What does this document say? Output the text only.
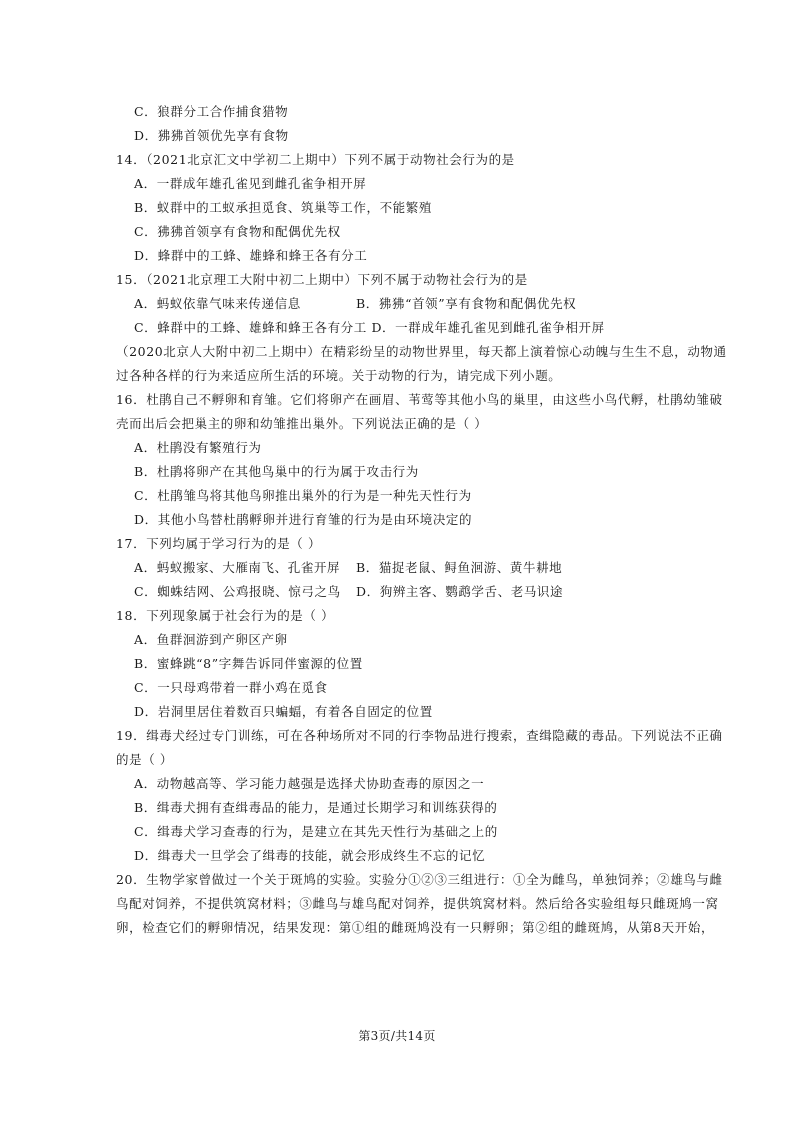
C．狼群分工合作捕食猎物
D．狒狒首领优先享有食物
14．（2021北京汇文中学初二上期中）下列不属于动物社会行为的是
A．一群成年雄孔雀见到雌孔雀争相开屏
B．蚁群中的工蚁承担觅食、筑巢等工作，不能繁殖
C．狒狒首领享有食物和配偶优先权
D．蜂群中的工蜂、雄蜂和蜂王各有分工
15．（2021北京理工大附中初二上期中）下列不属于动物社会行为的是
A．蚂蚁依靠气味来传递信息	B．狒狒“首领”享有食物和配偶优先权
C．蜂群中的工蜂、雄蜂和蜂王各有分工 D．一群成年雄孔雀见到雌孔雀争相开屏
（2020北京人大附中初二上期中）在精彩纷呈的动物世界里，每天都上演着惊心动魄与生生不息，动物通
过各种各样的行为来适应所生活的环境。关于动物的行为，请完成下列小题。
16．杜鹃自己不孵卵和育雏。它们将卵产在画眉、苇莺等其他小鸟的巢里，由这些小鸟代孵，杜鹃幼雏破
壳而出后会把巢主的卵和幼雏推出巢外。下列说法正确的是（ ）
A．杜鹃没有繁殖行为
B．杜鹃将卵产在其他鸟巢中的行为属于攻击行为
C．杜鹃雏鸟将其他鸟卵推出巢外的行为是一种先天性行为
D．其他小鸟替杜鹃孵卵并进行育雏的行为是由环境决定的
17．下列均属于学习行为的是（ ）
A．蚂蚁搬家、大雁南飞、孔雀开屏 B．猫捉老鼠、鲟鱼洄游、黄牛耕地
C．蜘蛛结网、公鸡报晓、惊弓之鸟 D．狗辨主客、鹦鹉学舌、老马识途
18．下列现象属于社会行为的是（ ）
A．鱼群洄游到产卵区产卵
B．蜜蜂跳“8”字舞告诉同伴蜜源的位置
C．一只母鸡带着一群小鸡在觅食
D．岩洞里居住着数百只蝙蝠，有着各自固定的位置
19．缉毒犬经过专门训练，可在各种场所对不同的行李物品进行搜索，查缉隐藏的毒品。下列说法不正确
的是（ ）
A．动物越高等、学习能力越强是选择犬协助查毒的原因之一
B．缉毒犬拥有查缉毒品的能力，是通过长期学习和训练获得的
C．缉毒犬学习查毒的行为，是建立在其先天性行为基础之上的
D．缉毒犬一旦学会了缉毒的技能，就会形成终生不忘的记忆
20．生物学家曾做过一个关于斑鸠的实验。实验分①②③三组进行：①全为雌鸟，单独饲养；②雄鸟与雌
鸟配对饲养，不提供筑窝材料；③雌鸟与雄鸟配对饲养，提供筑窝材料。然后给各实验组每只雌斑鸠一窝
卵，检查它们的孵卵情况，结果发现：第①组的雌斑鸠没有一只孵卵；第②组的雌斑鸠，从第8天开始，
第3页/共14页
